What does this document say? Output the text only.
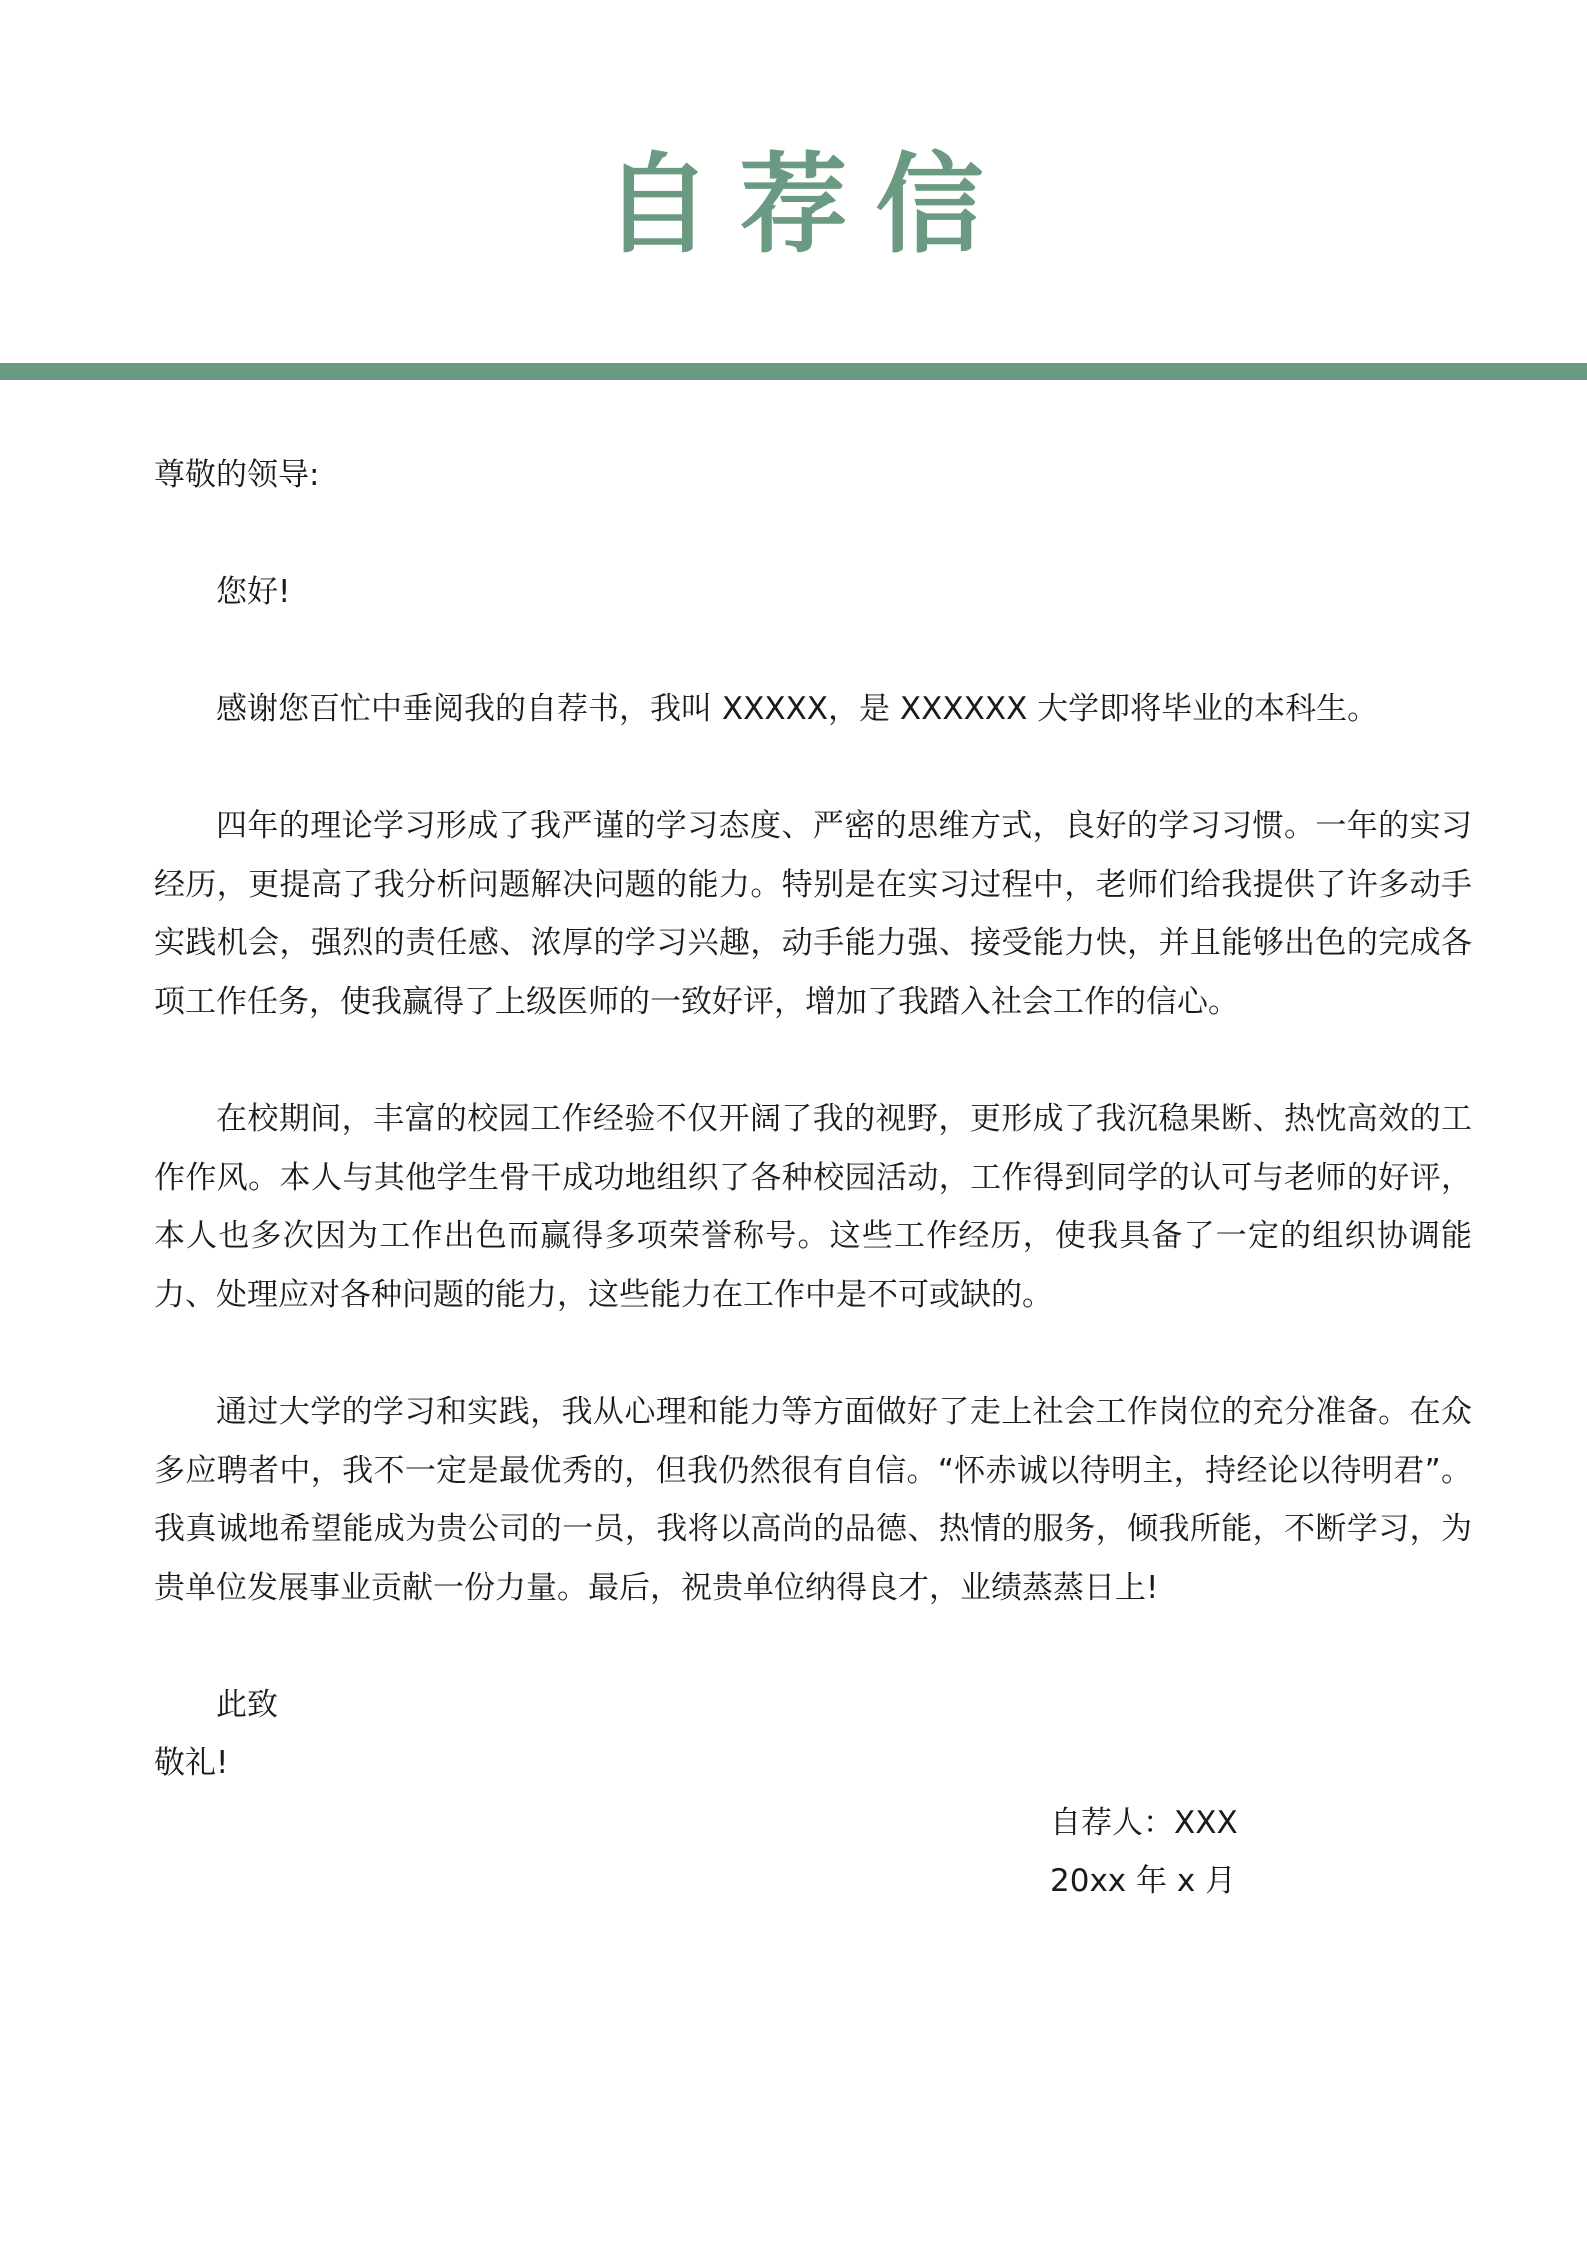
自荐信

尊敬的领导:

您好!

感谢您百忙中垂阅我的自荐书，我叫 XXXXX，是 XXXXXX 大学即将毕业的本科生。

四年的理论学习形成了我严谨的学习态度、严密的思维方式，良好的学习习惯。一年的实习经历，更提高了我分析问题解决问题的能力。特别是在实习过程中，老师们给我提供了许多动手实践机会，强烈的责任感、浓厚的学习兴趣，动手能力强、接受能力快，并且能够出色的完成各项工作任务，使我赢得了上级医师的一致好评，增加了我踏入社会工作的信心。

在校期间，丰富的校园工作经验不仅开阔了我的视野，更形成了我沉稳果断、热忱高效的工作作风。本人与其他学生骨干成功地组织了各种校园活动，工作得到同学的认可与老师的好评，本人也多次因为工作出色而赢得多项荣誉称号。这些工作经历，使我具备了一定的组织协调能力、处理应对各种问题的能力，这些能力在工作中是不可或缺的。

通过大学的学习和实践，我从心理和能力等方面做好了走上社会工作岗位的充分准备。在众多应聘者中，我不一定是最优秀的，但我仍然很有自信。“怀赤诚以待明主，持经论以待明君”。我真诚地希望能成为贵公司的一员，我将以高尚的品德、热情的服务，倾我所能，不断学习，为贵单位发展事业贡献一份力量。最后，祝贵单位纳得良才，业绩蒸蒸日上!

此致

敬礼!

自荐人：XXX

20xx 年 x 月
